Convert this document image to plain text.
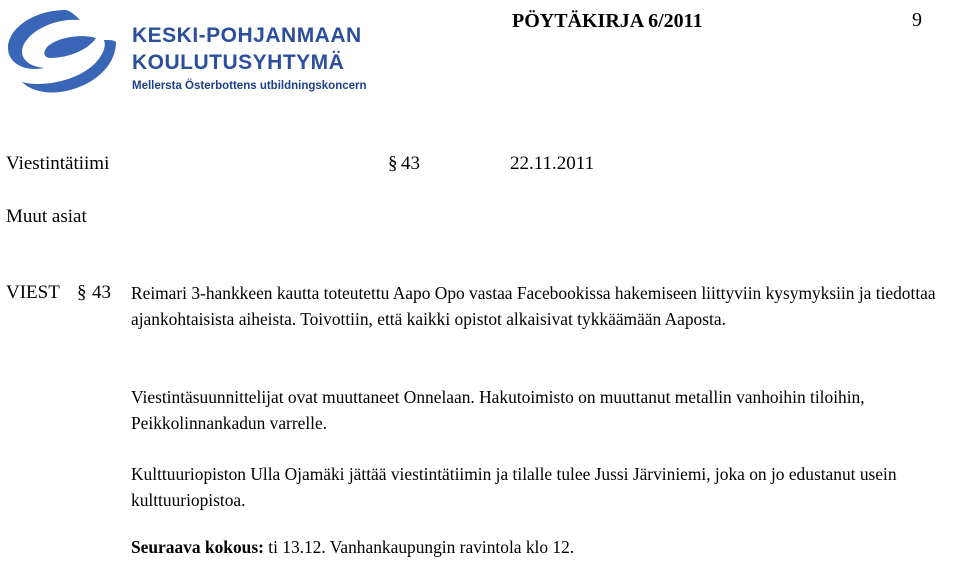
KESKI-POHJANMAAN
KOULUTUSYHTYMÄ
Mellersta Österbottens utbildningskoncern
PÖYTÄKIRJA 6/2011	9
Viestintätiimi	§ 43	22.11.2011
Muut asiat
VIEST § 43 Reimari 3-hankkeen kautta toteutettu Aapo Opo vastaa Facebookissa hakemiseen liittyviin kysymyksiin ja tiedottaa ajankohtaisista aiheista. Toivottiin, että kaikki opistot alkaisivat tykkäämään Aaposta.
Viestintäsuunnittelijat ovat muuttaneet Onnelaan. Hakutoimisto on muuttanut metallin vanhoihin tiloihin, Peikkolinnankadun varrelle.
Kulttuuriopiston Ulla Ojamäki jättää viestintätiimin ja tilalle tulee Jussi Järviniemi, joka on jo edustanut usein kulttuuriopistoa.
Seuraava kokous: ti 13.12. Vanhankaupungin ravintola klo 12.
